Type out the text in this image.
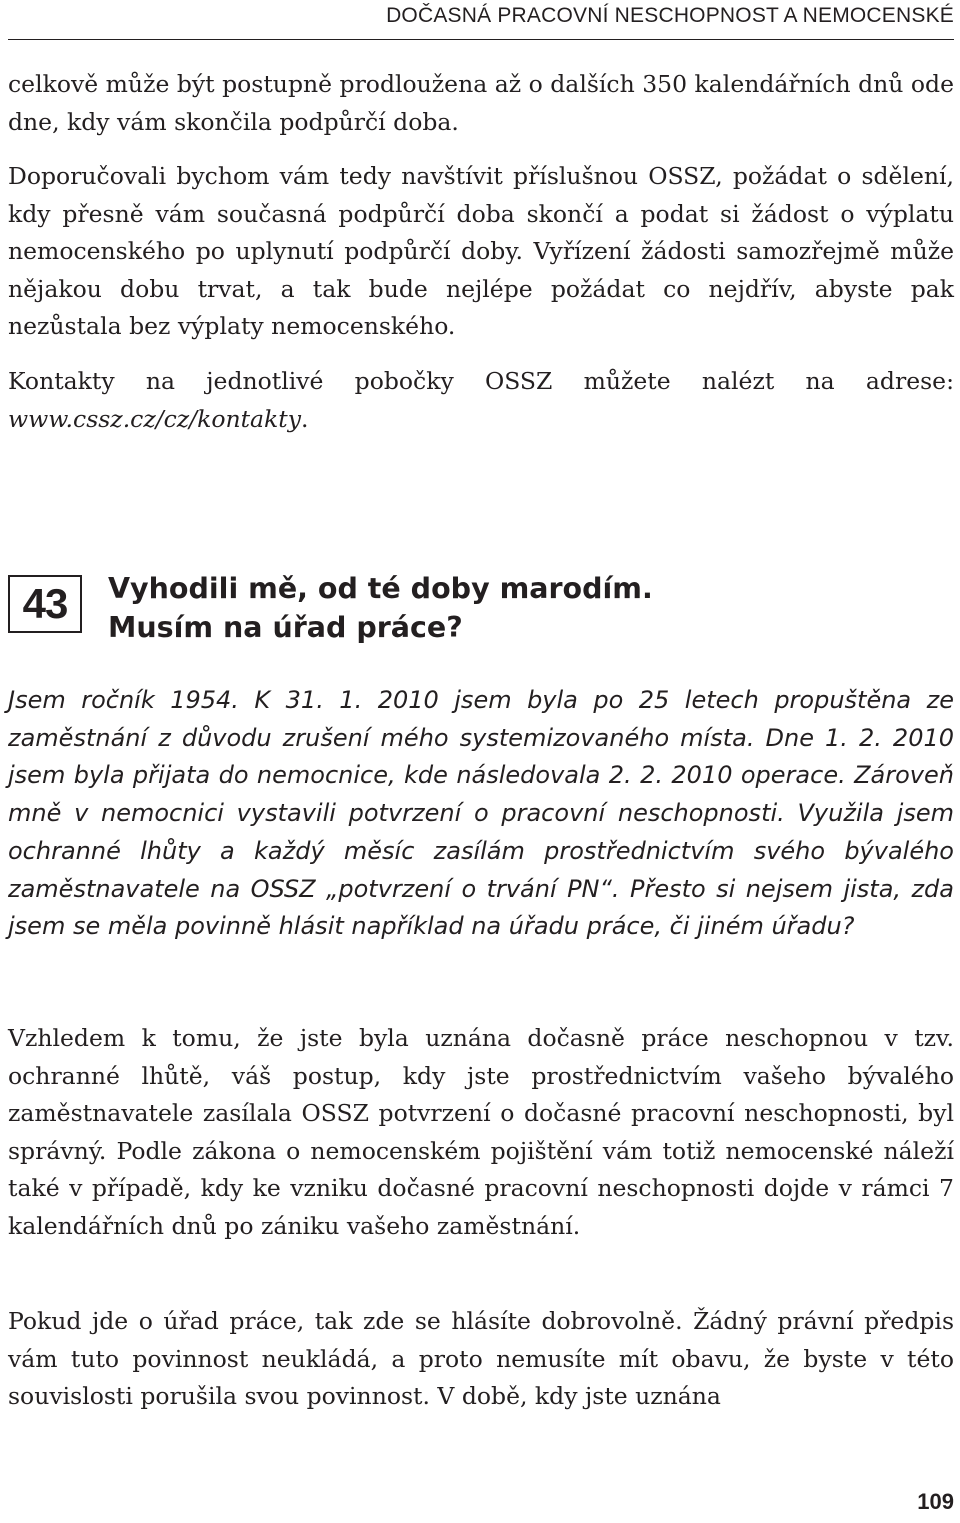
DOČASNÁ PRACOVNÍ NESCHOPNOST A NEMOCENSKÉ

celkově může být postupně prodloužena až o dalších 350 kalendářních dnů ode dne, kdy vám skončila podpůrčí doba.

Doporučovali bychom vám tedy navštívit příslušnou OSSZ, požádat o sdělení, kdy přesně vám současná podpůrčí doba skončí a podat si žádost o výplatu nemocenského po uplynutí podpůrčí doby. Vyřízení žádosti samozřejmě může nějakou dobu trvat, a tak bude nejlépe požádat co nejdřív, abyste pak nezůstala bez výplaty nemocenského.

Kontakty na jednotlivé pobočky OSSZ můžete nalézt na adrese: www.cssz.cz/cz/kontakty.

43	Vyhodili mě, od té doby marodím.
Musím na úřad práce?

Jsem ročník 1954. K 31. 1. 2010 jsem byla po 25 letech propuštěna ze zaměstnání z důvodu zrušení mého systemizovaného místa. Dne 1. 2. 2010 jsem byla přijata do nemocnice, kde následovala 2. 2. 2010 operace. Zároveň mně v nemocnici vystavili potvrzení o pracovní neschopnosti. Využila jsem ochranné lhůty a každý měsíc zasílám prostřednictvím svého bývalého zaměstnavatele na OSSZ „potvrzení o trvání PN“. Přesto si nejsem jista, zda jsem se měla povinně hlásit například na úřadu práce, či jiném úřadu?

Vzhledem k tomu, že jste byla uznána dočasně práce neschopnou v tzv. ochranné lhůtě, váš postup, kdy jste prostřednictvím vašeho bývalého zaměstnavatele zasílala OSSZ potvrzení o dočasné pracovní neschopnosti, byl správný. Podle zákona o nemocenském pojištění vám totiž nemocenské náleží také v případě, kdy ke vzniku dočasné pracovní neschopnosti dojde v rámci 7 kalendářních dnů po zániku vašeho zaměstnání.

Pokud jde o úřad práce, tak zde se hlásíte dobrovolně. Žádný právní předpis vám tuto povinnost neukládá, a proto nemusíte mít obavu, že byste v této souvislosti porušila svou povinnost. V době, kdy jste uznána

109
